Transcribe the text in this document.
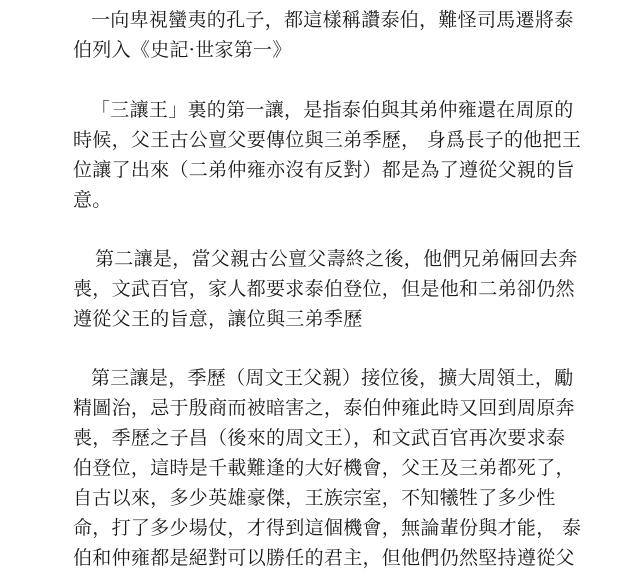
一向卑視蠻夷的孔子，都這樣稱讚泰伯，難怪司馬遷將泰
伯列入《史記·世家第一》
「三讓王」裏的第一讓，是指泰伯與其弟仲雍還在周原的
時候，父王古公亶父要傳位與三弟季歷， 身爲長子的他把王
位讓了出來（二弟仲雍亦沒有反對）都是為了遵從父親的旨
意。
第二讓是，當父親古公亶父壽終之後，他們兄弟倆回去奔
喪，文武百官，家人都要求泰伯登位，但是他和二弟卻仍然
遵從父王的旨意，讓位與三弟季歷
第三讓是，季歷（周文王父親）接位後，擴大周領土，勵
精圖治，忌于殷商而被暗害之，泰伯仲雍此時又回到周原奔
喪，季歷之子昌（後來的周文王），和文武百官再次要求泰
伯登位，這時是千載難逢的大好機會，父王及三弟都死了，
自古以來，多少英雄豪傑，王族宗室，不知犧牲了多少性
命，打了多少場仗，才得到這個機會，無論輩份與才能， 泰
伯和仲雍都是絕對可以勝任的君主，但他們仍然堅持遵從父
